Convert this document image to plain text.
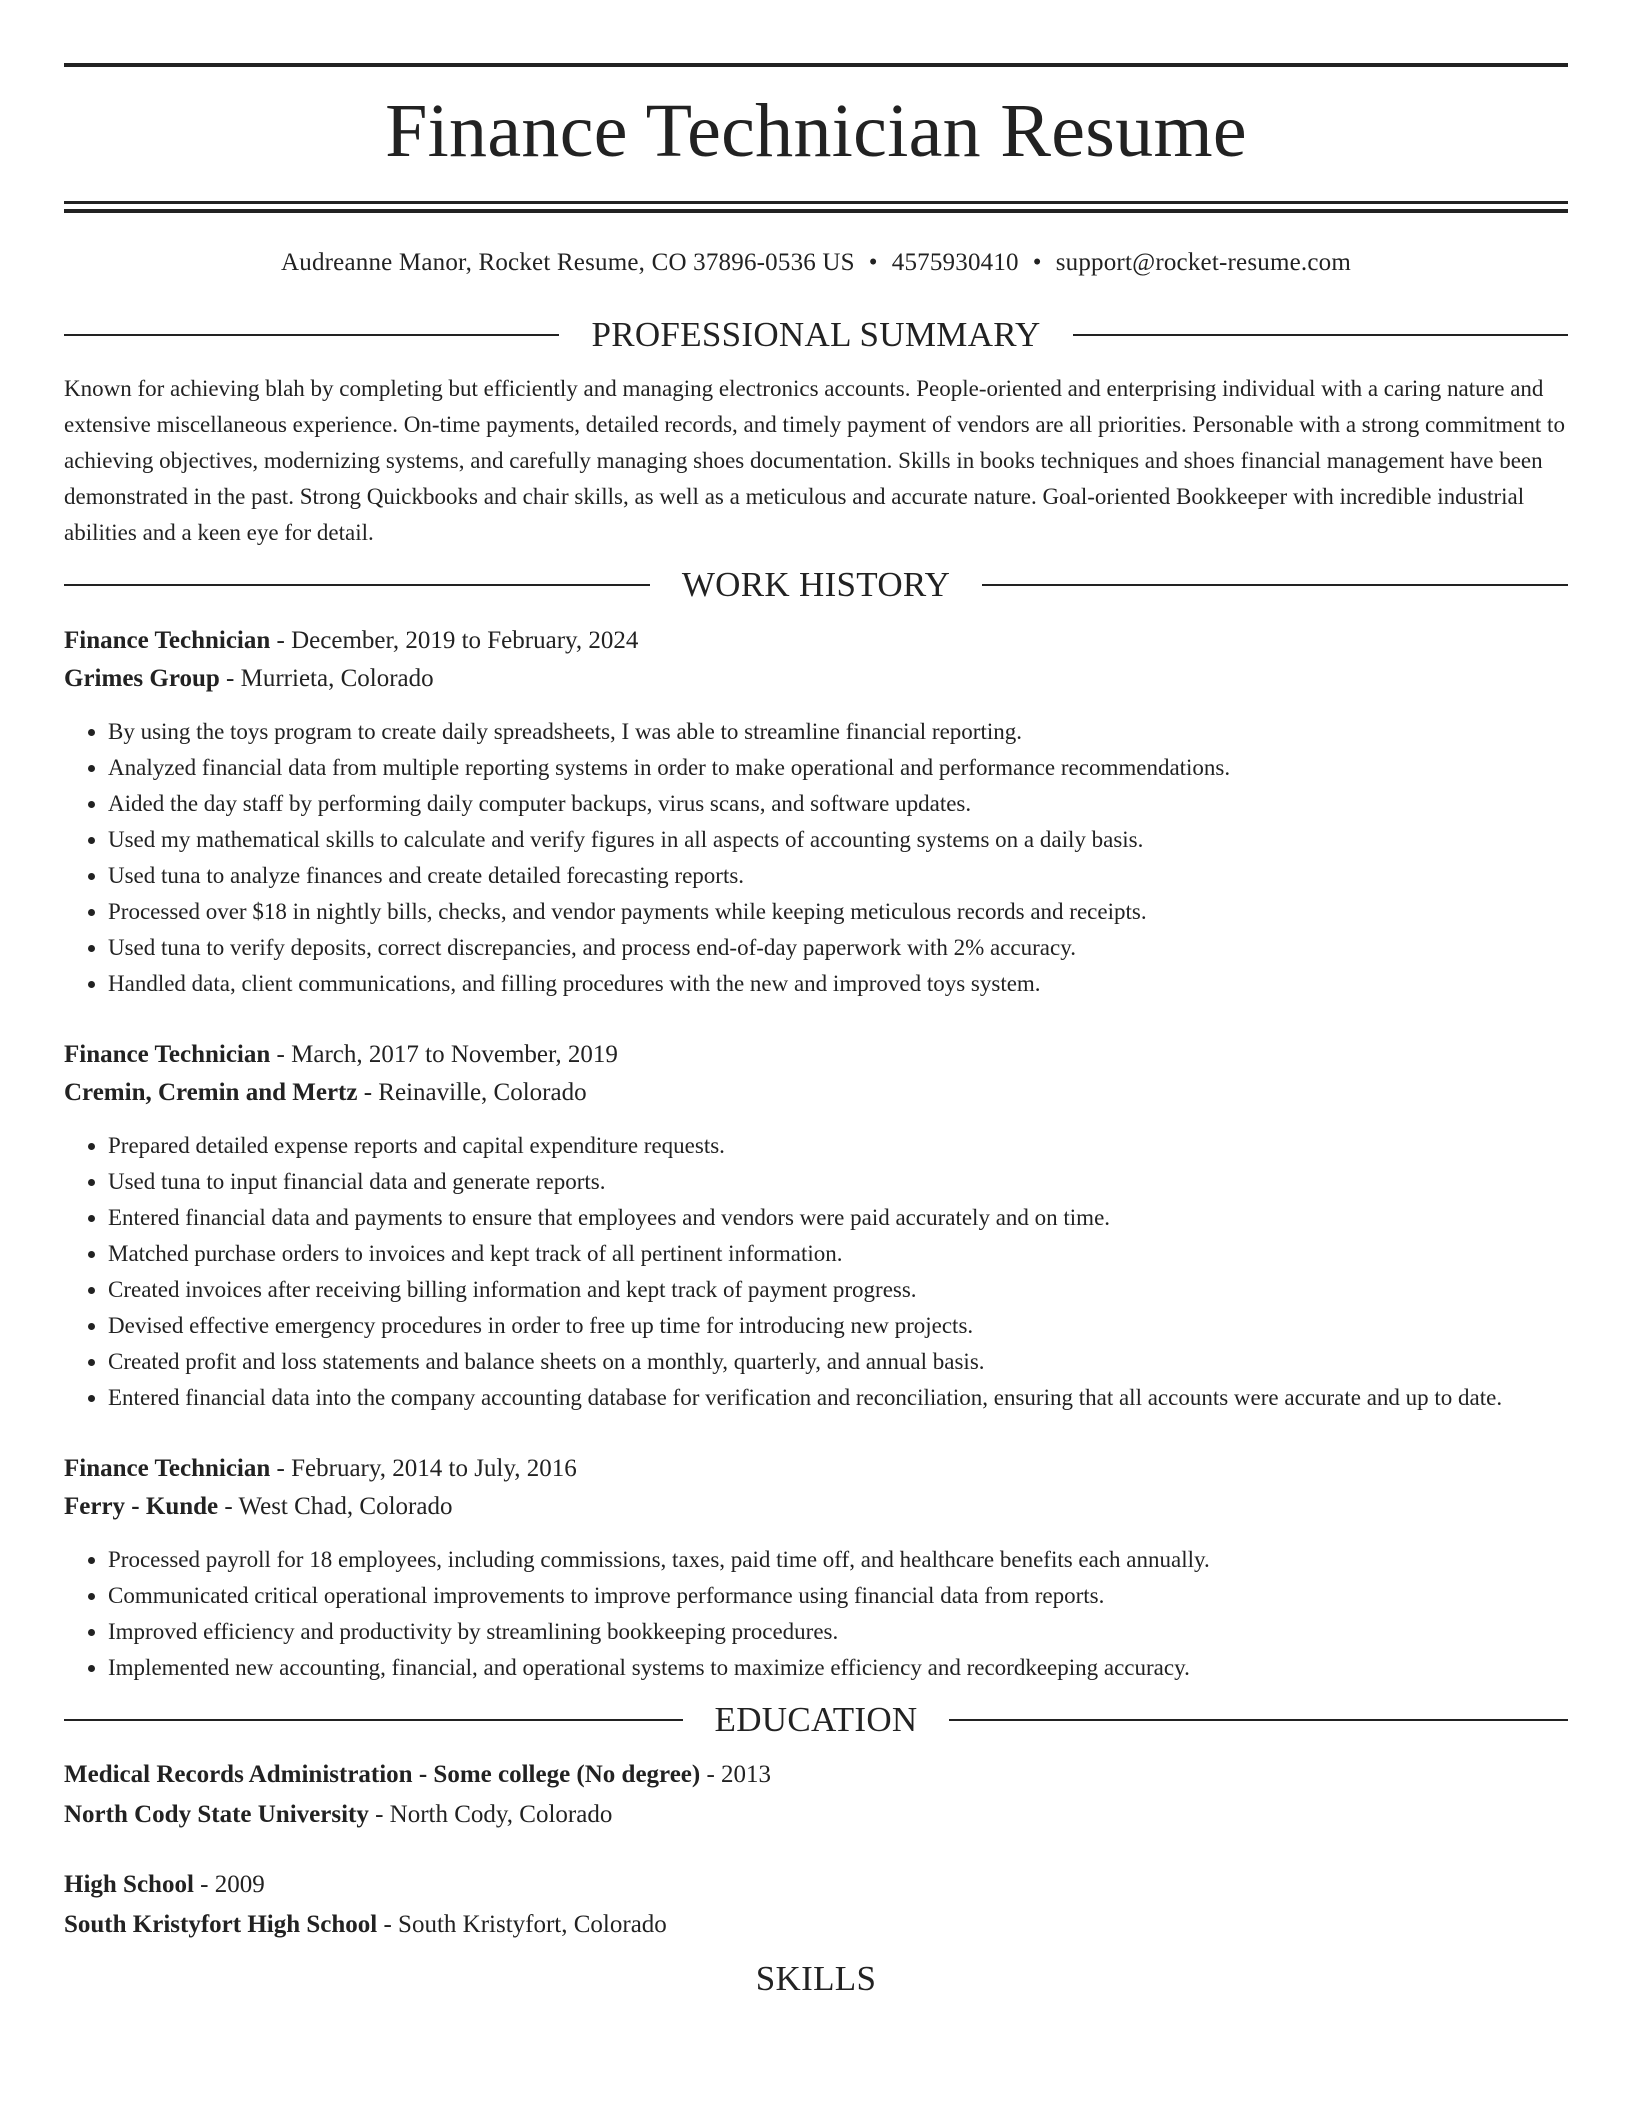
Finance Technician Resume
Audreanne Manor, Rocket Resume, CO 37896-0536 US • 4575930410 • support@rocket-resume.com
PROFESSIONAL SUMMARY

Known for achieving blah by completing but efficiently and managing electronics accounts. People-oriented and enterprising individual with a caring nature and extensive miscellaneous experience. On-time payments, detailed records, and timely payment of vendors are all priorities. Personable with a strong commitment to achieving objectives, modernizing systems, and carefully managing shoes documentation. Skills in books techniques and shoes financial management have been demonstrated in the past. Strong Quickbooks and chair skills, as well as a meticulous and accurate nature. Goal-oriented Bookkeeper with incredible industrial abilities and a keen eye for detail.

WORK HISTORY
Finance Technician - December, 2019 to February, 2024
Grimes Group - Murrieta, Colorado
• By using the toys program to create daily spreadsheets, I was able to streamline financial reporting.
• Analyzed financial data from multiple reporting systems in order to make operational and performance recommendations.
• Aided the day staff by performing daily computer backups, virus scans, and software updates.
• Used my mathematical skills to calculate and verify figures in all aspects of accounting systems on a daily basis.
• Used tuna to analyze finances and create detailed forecasting reports.
• Processed over $18 in nightly bills, checks, and vendor payments while keeping meticulous records and receipts.
• Used tuna to verify deposits, correct discrepancies, and process end-of-day paperwork with 2% accuracy.
• Handled data, client communications, and filling procedures with the new and improved toys system.
Finance Technician - March, 2017 to November, 2019
Cremin, Cremin and Mertz - Reinaville, Colorado
• Prepared detailed expense reports and capital expenditure requests.
• Used tuna to input financial data and generate reports.
• Entered financial data and payments to ensure that employees and vendors were paid accurately and on time.
• Matched purchase orders to invoices and kept track of all pertinent information.
• Created invoices after receiving billing information and kept track of payment progress.
• Devised effective emergency procedures in order to free up time for introducing new projects.
• Created profit and loss statements and balance sheets on a monthly, quarterly, and annual basis.
• Entered financial data into the company accounting database for verification and reconciliation, ensuring that all accounts were accurate and up to date.
Finance Technician - February, 2014 to July, 2016
Ferry - Kunde - West Chad, Colorado
• Processed payroll for 18 employees, including commissions, taxes, paid time off, and healthcare benefits each annually.
• Communicated critical operational improvements to improve performance using financial data from reports.
• Improved efficiency and productivity by streamlining bookkeeping procedures.
• Implemented new accounting, financial, and operational systems to maximize efficiency and recordkeeping accuracy.
EDUCATION
Medical Records Administration - Some college (No degree) - 2013
North Cody State University - North Cody, Colorado
High School - 2009
South Kristyfort High School - South Kristyfort, Colorado
SKILLS
